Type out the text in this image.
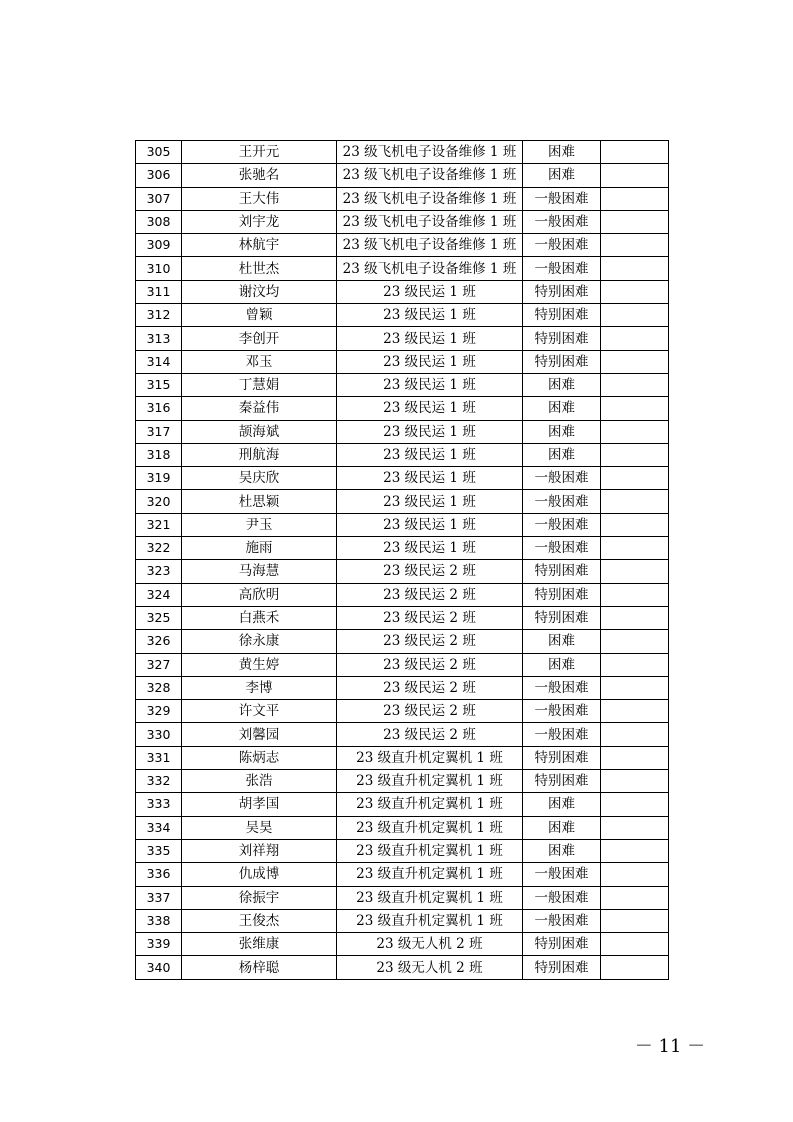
305	王开元	23 级飞机电子设备维修 1 班	困难	
306	张驰名	23 级飞机电子设备维修 1 班	困难	
307	王大伟	23 级飞机电子设备维修 1 班	一般困难	
308	刘宇龙	23 级飞机电子设备维修 1 班	一般困难	
309	林航宇	23 级飞机电子设备维修 1 班	一般困难	
310	杜世杰	23 级飞机电子设备维修 1 班	一般困难	
311	谢汶均	23 级民运 1 班	特别困难	
312	曾颖	23 级民运 1 班	特别困难	
313	李创开	23 级民运 1 班	特别困难	
314	邓玉	23 级民运 1 班	特别困难	
315	丁慧娟	23 级民运 1 班	困难	
316	秦益伟	23 级民运 1 班	困难	
317	颉海斌	23 级民运 1 班	困难	
318	刑航海	23 级民运 1 班	困难	
319	吴庆欣	23 级民运 1 班	一般困难	
320	杜思颖	23 级民运 1 班	一般困难	
321	尹玉	23 级民运 1 班	一般困难	
322	施雨	23 级民运 1 班	一般困难	
323	马海慧	23 级民运 2 班	特别困难	
324	高欣明	23 级民运 2 班	特别困难	
325	白燕禾	23 级民运 2 班	特别困难	
326	徐永康	23 级民运 2 班	困难	
327	黄生婷	23 级民运 2 班	困难	
328	李博	23 级民运 2 班	一般困难	
329	许文平	23 级民运 2 班	一般困难	
330	刘馨园	23 级民运 2 班	一般困难	
331	陈炳志	23 级直升机定翼机 1 班	特别困难	
332	张浩	23 级直升机定翼机 1 班	特别困难	
333	胡孝国	23 级直升机定翼机 1 班	困难	
334	吴昊	23 级直升机定翼机 1 班	困难	
335	刘祥翔	23 级直升机定翼机 1 班	困难	
336	仇成博	23 级直升机定翼机 1 班	一般困难	
337	徐振宇	23 级直升机定翼机 1 班	一般困难	
338	王俊杰	23 级直升机定翼机 1 班	一般困难	
339	张维康	23 级无人机 2 班	特别困难	
340	杨梓聪	23 级无人机 2 班	特别困难	
－ 11 －
